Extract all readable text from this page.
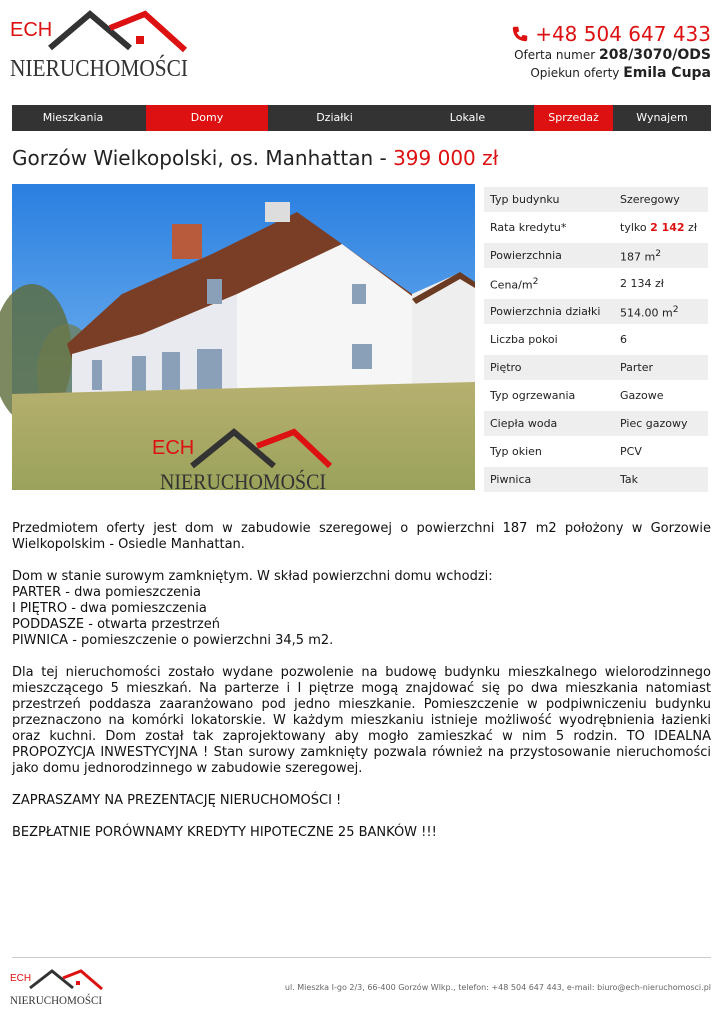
ECH
NIERUCHOMOŚCI
+48 504 647 433
Oferta numer 208/3070/ODS
Opiekun oferty Emila Cupa
Mieszkania	Domy	Działki	Lokale	Sprzedaż	Wynajem
Gorzów Wielkopolski, os. Manhattan - 399 000 zł
ECH
NIERUCHOMOŚCI
Typ budynku	Szeregowy
Rata kredytu*	tylko 2 142 zł
Powierzchnia	187 $m^2$
Cena/$m^2$	2 134 zł
Powierzchnia działki	514.00 $m^2$
Liczba pokoi	6
Piętro	Parter
Typ ogrzewania	Gazowe
Ciepła woda	Piec gazowy
Typ okien	PCV
Piwnica	Tak

Przedmiotem oferty jest dom w zabudowie szeregowej o powierzchni 187 m2 położony w Gorzowie Wielkopolskim - Osiedle Manhattan.

Dom w stanie surowym zamkniętym. W skład powierzchni domu wchodzi:
PARTER - dwa pomieszczenia
I PIĘTRO - dwa pomieszczenia
PODDASZE - otwarta przestrzeń
PIWNICA - pomieszczenie o powierzchni 34,5 m2.

Dla tej nieruchomości zostało wydane pozwolenie na budowę budynku mieszkalnego wielorodzinnego mieszczącego 5 mieszkań. Na parterze i I piętrze mogą znajdować się po dwa mieszkania natomiast przestrzeń poddasza zaaranżowano pod jedno mieszkanie. Pomieszczenie w podpiwniczeniu budynku przeznaczono na komórki lokatorskie. W każdym mieszkaniu istnieje możliwość wyodrębnienia łazienki oraz kuchni. Dom został tak zaprojektowany aby mogło zamieszkać w nim 5 rodzin. TO IDEALNA PROPOZYCJA INWESTYCYJNA ! Stan surowy zamknięty pozwala również na przystosowanie nieruchomości jako domu jednorodzinnego w zabudowie szeregowej.

ZAPRASZAMY NA PREZENTACJĘ NIERUCHOMOŚCI !

BEZPŁATNIE PORÓWNAMY KREDYTY HIPOTECZNE 25 BANKÓW !!!

ECH
NIERUCHOMOŚCI
ul. Mieszka I-go 2/3, 66-400 Gorzów Wlkp., telefon: +48 504 647 443, e-mail: biuro@ech-nieruchomosci.pl
